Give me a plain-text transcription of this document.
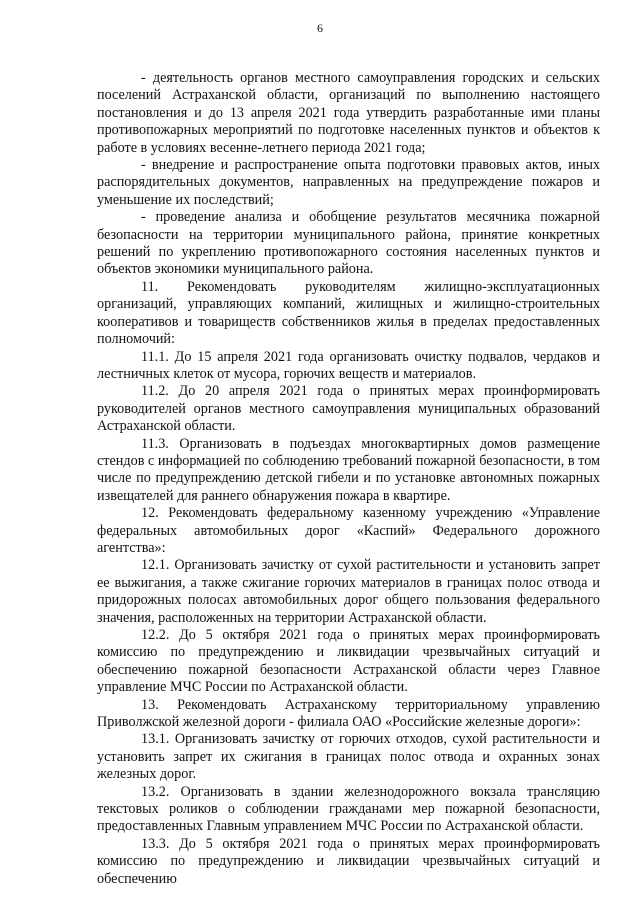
6

- деятельность органов местного самоуправления городских и сельских поселений Астраханской области, организаций по выполнению настоящего постановления и до 13 апреля 2021 года утвердить разработанные ими планы противопожарных мероприятий по подготовке населенных пунктов и объектов к работе в условиях весенне-летнего периода 2021 года;

- внедрение и распространение опыта подготовки правовых актов, иных распорядительных документов, направленных на предупреждение пожаров и уменьшение их последствий;

- проведение анализа и обобщение результатов месячника пожарной безопасности на территории муниципального района, принятие конкретных решений по укреплению противопожарного состояния населенных пунктов и объектов экономики муниципального района.

11. Рекомендовать руководителям жилищно-эксплуатационных организаций, управляющих компаний, жилищных и жилищно-строительных кооперативов и товариществ собственников жилья в пределах предоставленных полномочий:

11.1. До 15 апреля 2021 года организовать очистку подвалов, чердаков и лестничных клеток от мусора, горючих веществ и материалов.

11.2. До 20 апреля 2021 года о принятых мерах проинформировать руководителей органов местного самоуправления муниципальных образований Астраханской области.

11.3. Организовать в подъездах многоквартирных домов размещение стендов с информацией по соблюдению требований пожарной безопасности, в том числе по предупреждению детской гибели и по установке автономных пожарных извещателей для раннего обнаружения пожара в квартире.

12. Рекомендовать федеральному казенному учреждению «Управление федеральных автомобильных дорог «Каспий» Федерального дорожного агентства»:

12.1. Организовать зачистку от сухой растительности и установить запрет ее выжигания, а также сжигание горючих материалов в границах полос отвода и придорожных полосах автомобильных дорог общего пользования федерального значения, расположенных на территории Астраханской области.

12.2. До 5 октября 2021 года о принятых мерах проинформировать комиссию по предупреждению и ликвидации чрезвычайных ситуаций и обеспечению пожарной безопасности Астраханской области через Главное управление МЧС России по Астраханской области.

13. Рекомендовать Астраханскому территориальному управлению Приволжской железной дороги - филиала ОАО «Российские железные дороги»:

13.1. Организовать зачистку от горючих отходов, сухой растительности и установить запрет их сжигания в границах полос отвода и охранных зонах железных дорог.

13.2. Организовать в здании железнодорожного вокзала трансляцию текстовых роликов о соблюдении гражданами мер пожарной безопасности, предоставленных Главным управлением МЧС России по Астраханской области.

13.3. До 5 октября 2021 года о принятых мерах проинформировать комиссию по предупреждению и ликвидации чрезвычайных ситуаций и обеспечению
